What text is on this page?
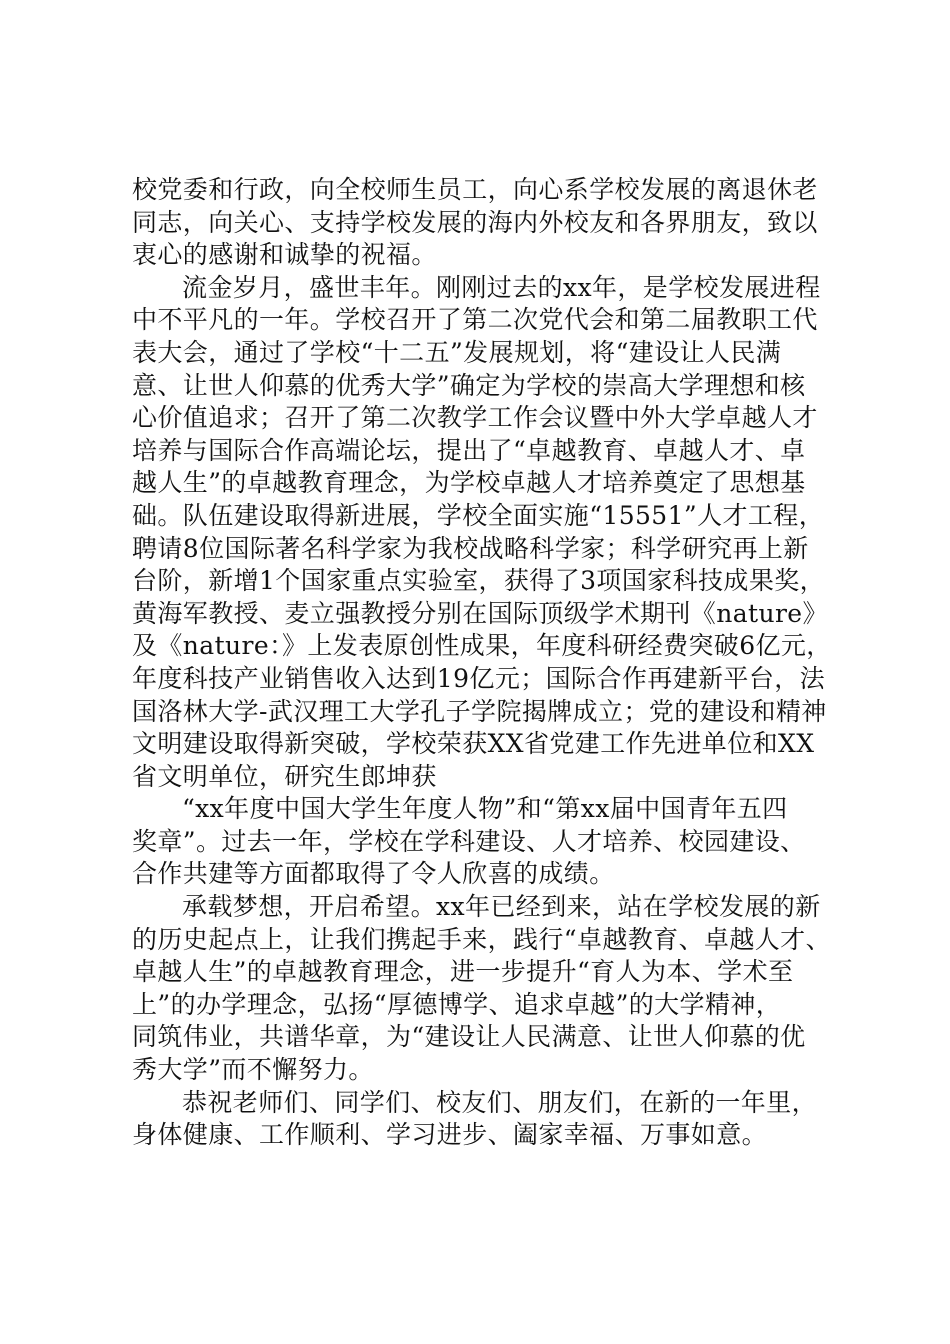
校党委和行政，向全校师生员工，向心系学校发展的离退休老
同志，向关心、支持学校发展的海内外校友和各界朋友，致以
衷心的感谢和诚挚的祝福。
流金岁月，盛世丰年。刚刚过去的xx年，是学校发展进程
中不平凡的一年。学校召开了第二次党代会和第二届教职工代
表大会，通过了学校“十二五”发展规划，将“建设让人民满
意、让世人仰慕的优秀大学”确定为学校的崇高大学理想和核
心价值追求；召开了第二次教学工作会议暨中外大学卓越人才
培养与国际合作高端论坛，提出了“卓越教育、卓越人才、卓
越人生”的卓越教育理念，为学校卓越人才培养奠定了思想基
础。队伍建设取得新进展，学校全面实施“15551”人才工程，
聘请8位国际著名科学家为我校战略科学家；科学研究再上新
台阶，新增1个国家重点实验室，获得了3项国家科技成果奖，
黄海军教授、麦立强教授分别在国际顶级学术期刊《nature》
及《nature：》上发表原创性成果，年度科研经费突破6亿元，
年度科技产业销售收入达到19亿元；国际合作再建新平台，法
国洛林大学-武汉理工大学孔子学院揭牌成立；党的建设和精神
文明建设取得新突破，学校荣获XX省党建工作先进单位和XX
省文明单位，研究生郎坤获
“xx年度中国大学生年度人物”和“第xx届中国青年五四
奖章”。过去一年，学校在学科建设、人才培养、校园建设、
合作共建等方面都取得了令人欣喜的成绩。
承载梦想，开启希望。xx年已经到来，站在学校发展的新
的历史起点上，让我们携起手来，践行“卓越教育、卓越人才、
卓越人生”的卓越教育理念，进一步提升“育人为本、学术至
上”的办学理念，弘扬“厚德博学、追求卓越”的大学精神，
同筑伟业，共谱华章，为“建设让人民满意、让世人仰慕的优
秀大学”而不懈努力。
恭祝老师们、同学们、校友们、朋友们，在新的一年里，
身体健康、工作顺利、学习进步、阖家幸福、万事如意。
